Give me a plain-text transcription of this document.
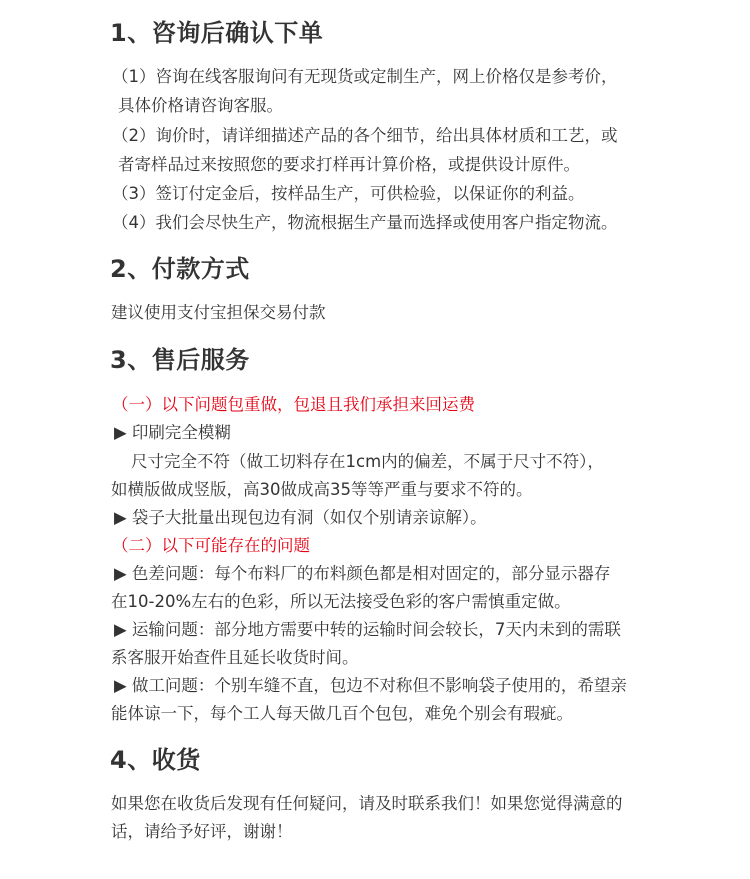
1、咨询后确认下单
（1）咨询在线客服询问有无现货或定制生产，网上价格仅是参考价，
具体价格请咨询客服。
（2）询价时，请详细描述产品的各个细节，给出具体材质和工艺，或
者寄样品过来按照您的要求打样再计算价格，或提供设计原件。
（3）签订付定金后，按样品生产，可供检验，以保证你的利益。
（4）我们会尽快生产，物流根据生产量而选择或使用客户指定物流。
2、付款方式
建议使用支付宝担保交易付款
3、售后服务
（一）以下问题包重做，包退且我们承担来回运费
▶ 印刷完全模糊
尺寸完全不符（做工切料存在1cm内的偏差，不属于尺寸不符），
如横版做成竖版，高30做成高35等等严重与要求不符的。
▶ 袋子大批量出现包边有洞（如仅个别请亲谅解）。
（二）以下可能存在的问题
▶ 色差问题：每个布料厂的布料颜色都是相对固定的，部分显示器存
在10-20%左右的色彩，所以无法接受色彩的客户需慎重定做。
▶ 运输问题：部分地方需要中转的运输时间会较长，7天内未到的需联
系客服开始查件且延长收货时间。
▶ 做工问题：个别车缝不直，包边不对称但不影响袋子使用的，希望亲
能体谅一下，每个工人每天做几百个包包，难免个别会有瑕疵。
4、收货
如果您在收货后发现有任何疑问，请及时联系我们！如果您觉得满意的
话，请给予好评，谢谢！
